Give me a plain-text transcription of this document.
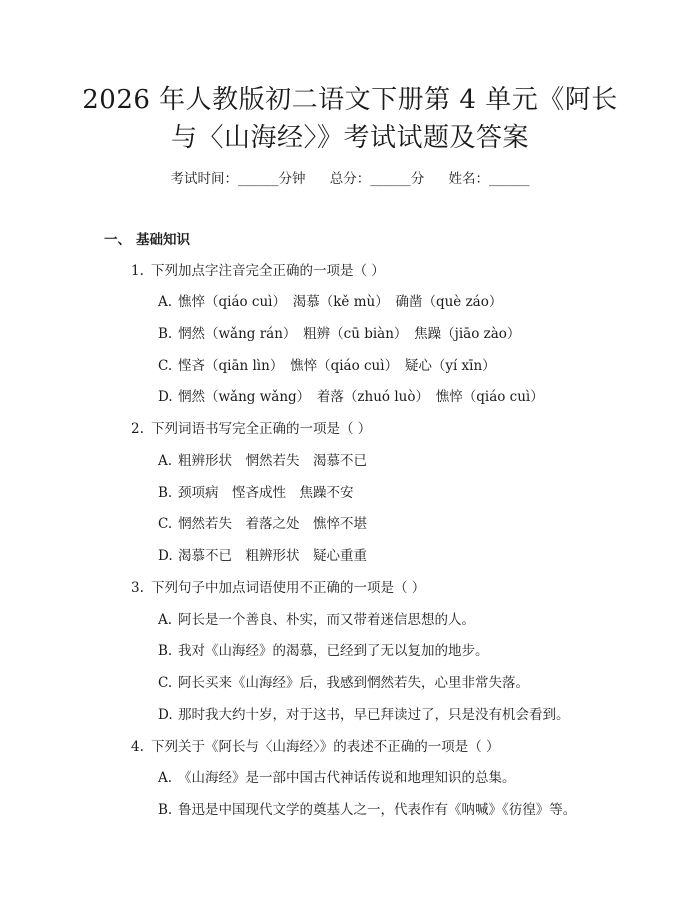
2026 年人教版初二语文下册第 4 单元《阿长
与〈山海经〉》考试试题及答案
考试时间：______分钟 总分：______分 姓名：______
一、 基础知识
1. 下列加点字注音完全正确的一项是（ ）
A. 憔悴（qiáo cuì）　渴慕（kě mù）　确凿（què záo）
B. 惘然（wǎng rán）　粗辨（cū biàn）　焦躁（jiāo zào）
C. 悭吝（qiān lìn）　憔悴（qiáo cuì）　疑心（yí xīn）
D. 惘然（wǎng wǎng）　着落（zhuó luò）　憔悴（qiáo cuì）
2. 下列词语书写完全正确的一项是（ ）
A. 粗辨形状　惘然若失　渴慕不已
B. 颈项病　悭吝成性　焦躁不安
C. 惘然若失　着落之处　憔悴不堪
D. 渴慕不已　粗辨形状　疑心重重
3. 下列句子中加点词语使用不正确的一项是（ ）
A. 阿长是一个善良、朴实，而又带着迷信思想的人。
B. 我对《山海经》的渴慕，已经到了无以复加的地步。
C. 阿长买来《山海经》后，我感到惘然若失，心里非常失落。
D. 那时我大约十岁，对于这书，早已拜读过了，只是没有机会看到。
4. 下列关于《阿长与〈山海经〉》的表述不正确的一项是（ ）
A. 《山海经》是一部中国古代神话传说和地理知识的总集。
B. 鲁迅是中国现代文学的奠基人之一，代表作有《呐喊》《彷徨》等。
